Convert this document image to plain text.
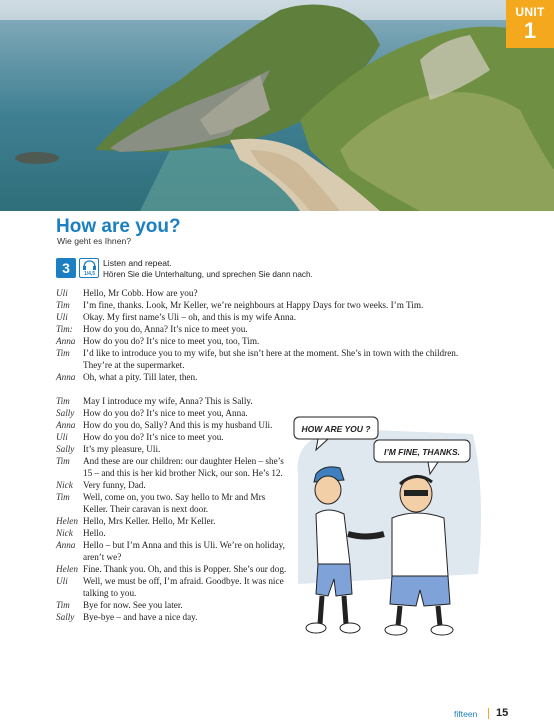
UNIT
1
How are you?
Wie geht es Ihnen?
3	1/4,5
Listen and repeat.
Hören Sie die Unterhaltung, und sprechen Sie dann nach.
Uli	Hello, Mr Cobb. How are you?
Tim	I’m fine, thanks. Look, Mr Keller, we’re neighbours at Happy Days for two weeks. I’m Tim.
Uli	Okay. My first name’s Uli – oh, and this is my wife Anna.
Tim:	How do you do, Anna? It’s nice to meet you.
Anna How do you do? It’s nice to meet you, too, Tim.
Tim	I’d like to introduce you to my wife, but she isn’t here at the moment. She’s in town with the children. They’re at the supermarket.
Anna Oh, what a pity. Till later, then.
Tim	May I introduce my wife, Anna? This is Sally.
Sally How do you do? It’s nice to meet you, Anna.
Anna How do you do, Sally? And this is my husband Uli.
Uli	How do you do? It’s nice to meet you.
Sally It’s my pleasure, Uli.
Tim	And these are our children: our daughter Helen – she’s 15 – and this is her kid brother Nick, our son. He’s 12.
Nick	Very funny, Dad.
Tim	Well, come on, you two. Say hello to Mr and Mrs Keller. Their caravan is next door.
Helen Hello, Mrs Keller. Hello, Mr Keller.
Nick	Hello.
Anna Hello – but I’m Anna and this is Uli. We’re on holiday, aren’t we?
Helen Fine. Thank you. Oh, and this is Popper. She’s our dog.
Uli	Well, we must be off, I’m afraid. Goodbye. It was nice talking to you.
Tim	Bye for now. See you later.
Sally Bye-bye – and have a nice day.
HOW ARE YOU ?
I’M FINE, THANKS.
fifteen 15
